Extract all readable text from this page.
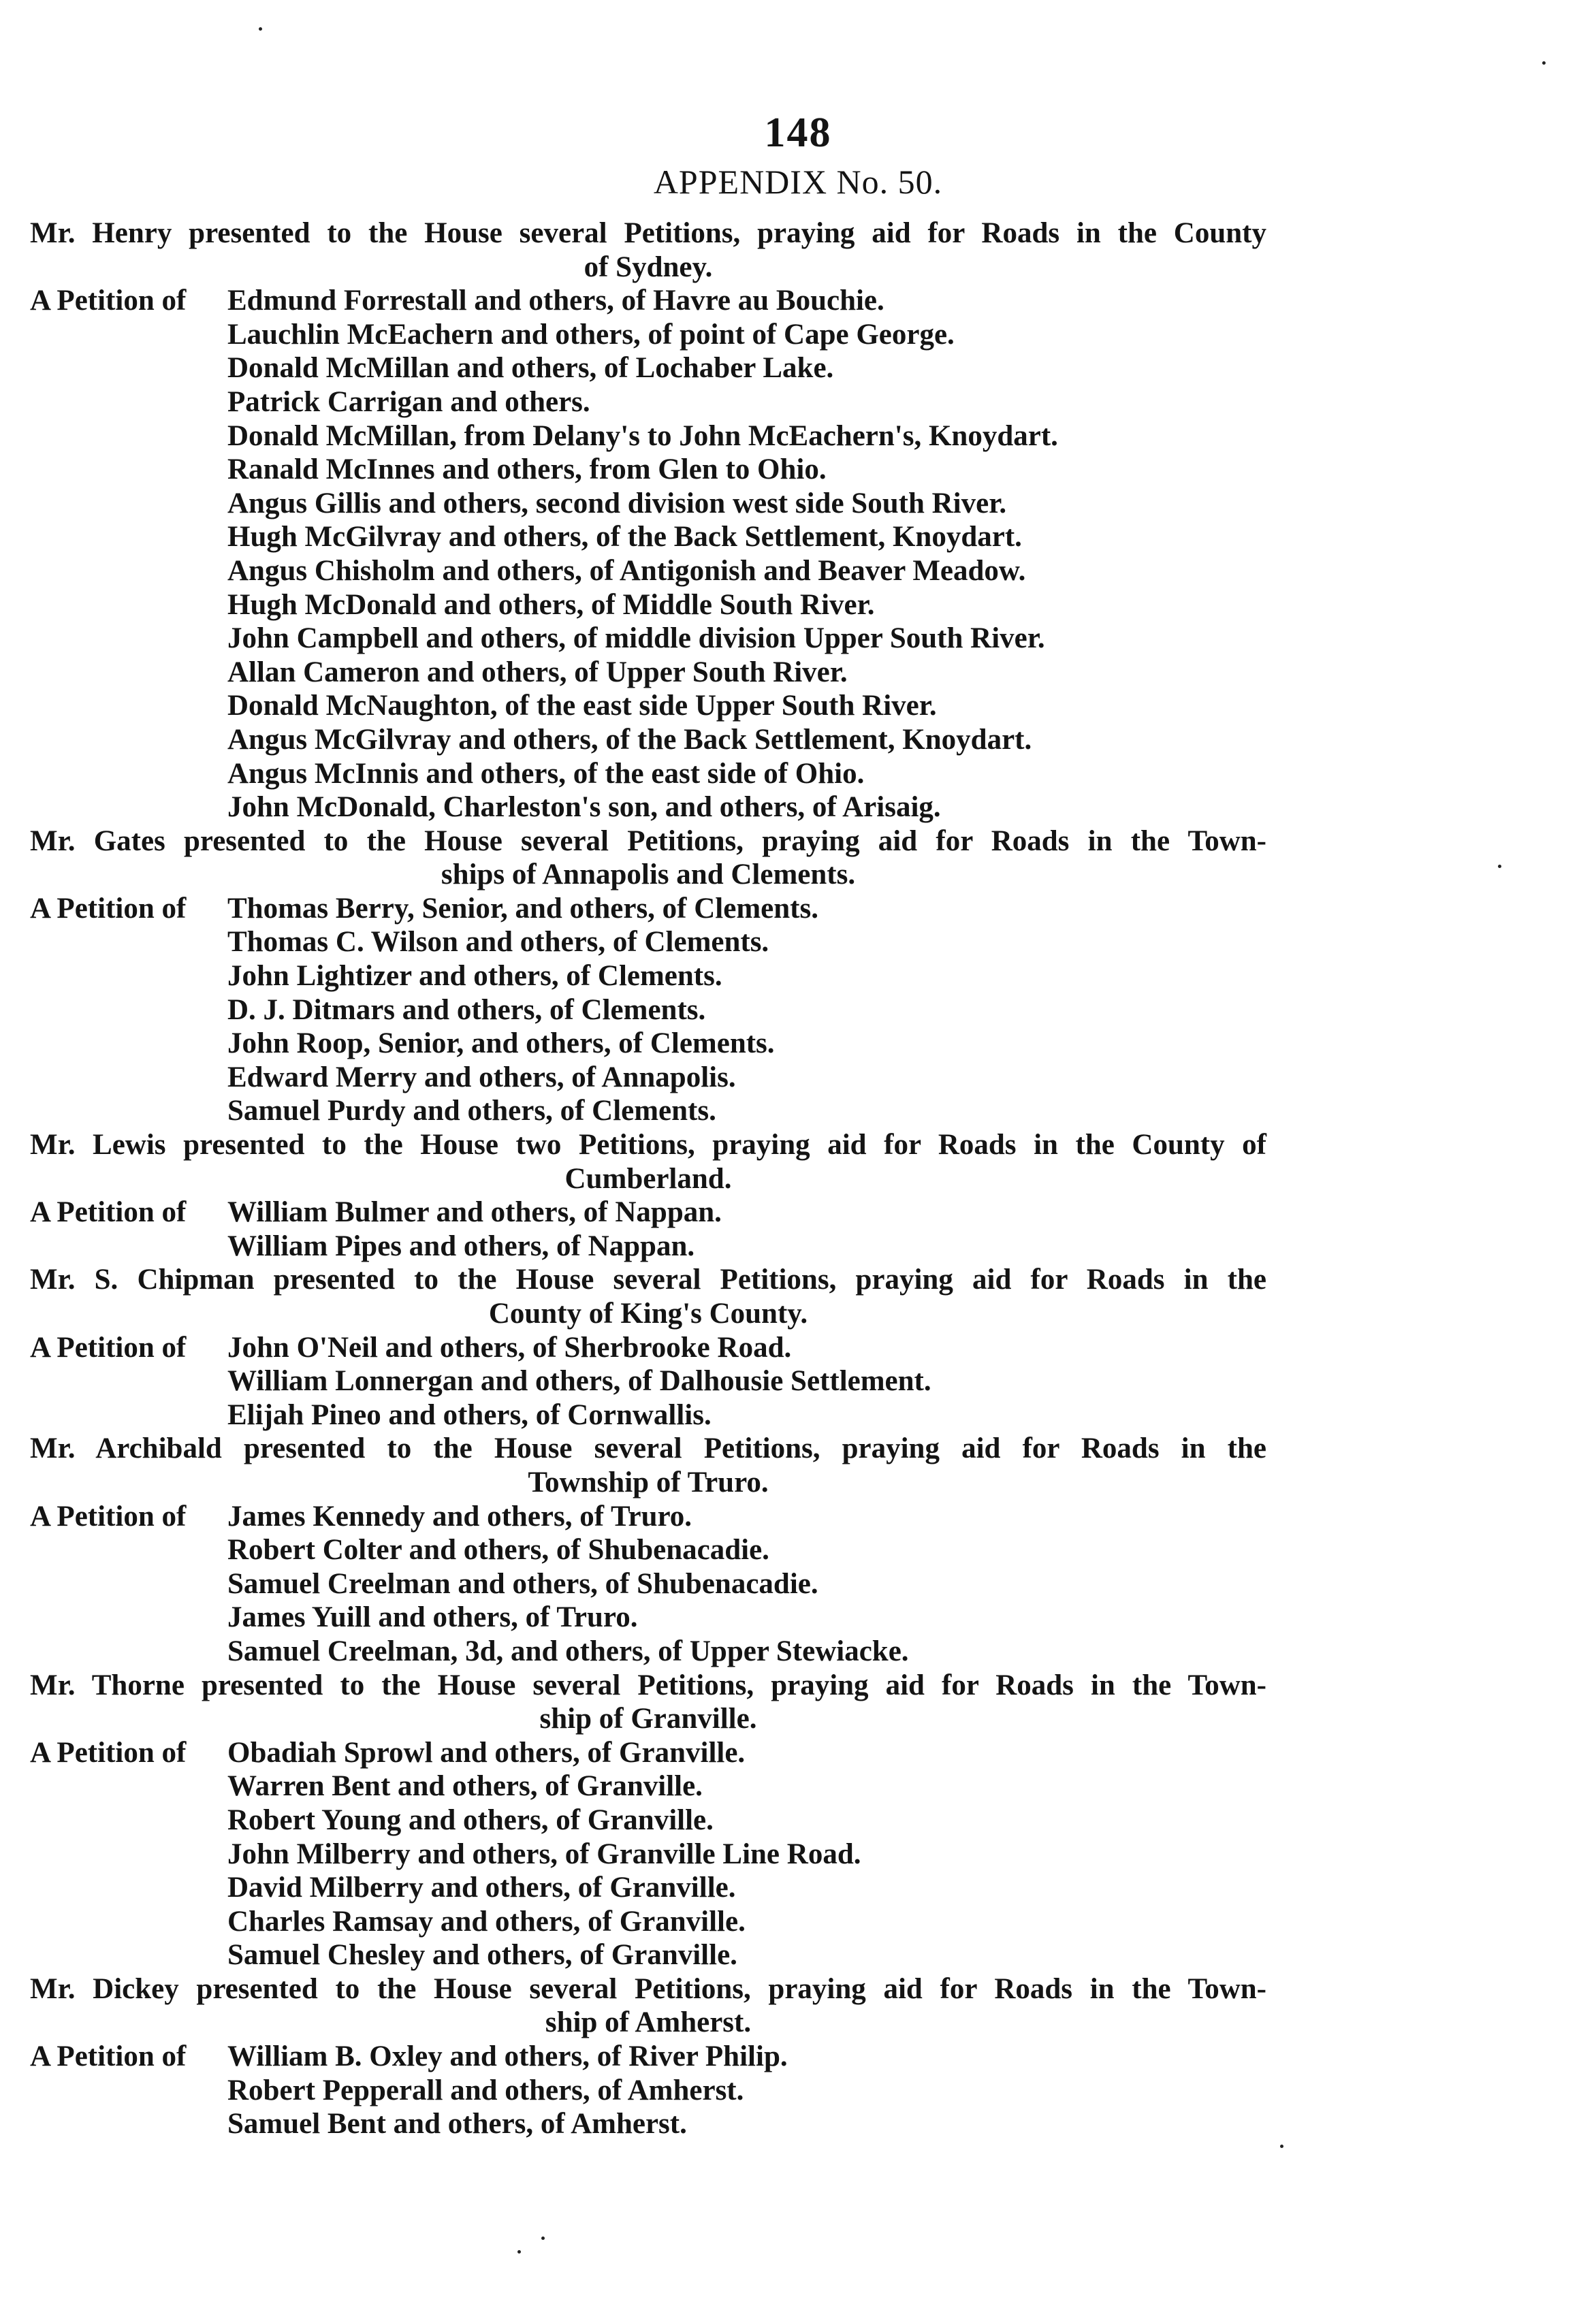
148
APPENDIX No. 50.
Mr. Henry presented to the House several Petitions, praying aid for Roads in the County
of Sydney.
A Petition of	Edmund Forrestall and others, of Havre au Bouchie.
Lauchlin McEachern and others, of point of Cape George.
Donald McMillan and others, of Lochaber Lake.
Patrick Carrigan and others.
Donald McMillan, from Delany's to John McEachern's, Knoydart.
Ranald McInnes and others, from Glen to Ohio.
Angus Gillis and others, second division west side South River.
Hugh McGilvray and others, of the Back Settlement, Knoydart.
Angus Chisholm and others, of Antigonish and Beaver Meadow.
Hugh McDonald and others, of Middle South River.
John Campbell and others, of middle division Upper South River.
Allan Cameron and others, of Upper South River.
Donald McNaughton, of the east side Upper South River.
Angus McGilvray and others, of the Back Settlement, Knoydart.
Angus McInnis and others, of the east side of Ohio.
John McDonald, Charleston's son, and others, of Arisaig.
Mr. Gates presented to the House several Petitions, praying aid for Roads in the Town-
ships of Annapolis and Clements.
A Petition of	Thomas Berry, Senior, and others, of Clements.
Thomas C. Wilson and others, of Clements.
John Lightizer and others, of Clements.
D. J. Ditmars and others, of Clements.
John Roop, Senior, and others, of Clements.
Edward Merry and others, of Annapolis.
Samuel Purdy and others, of Clements.
Mr. Lewis presented to the House two Petitions, praying aid for Roads in the County of
Cumberland.
A Petition of	William Bulmer and others, of Nappan.
William Pipes and others, of Nappan.
Mr. S. Chipman presented to the House several Petitions, praying aid for Roads in the
County of King's County.
A Petition of	John O'Neil and others, of Sherbrooke Road.
William Lonnergan and others, of Dalhousie Settlement.
Elijah Pineo and others, of Cornwallis.
Mr. Archibald presented to the House several Petitions, praying aid for Roads in the
Township of Truro.
A Petition of	James Kennedy and others, of Truro.
Robert Colter and others, of Shubenacadie.
Samuel Creelman and others, of Shubenacadie.
James Yuill and others, of Truro.
Samuel Creelman, 3d, and others, of Upper Stewiacke.
Mr. Thorne presented to the House several Petitions, praying aid for Roads in the Town-
ship of Granville.
A Petition of	Obadiah Sprowl and others, of Granville.
Warren Bent and others, of Granville.
Robert Young and others, of Granville.
John Milberry and others, of Granville Line Road.
David Milberry and others, of Granville.
Charles Ramsay and others, of Granville.
Samuel Chesley and others, of Granville.
Mr. Dickey presented to the House several Petitions, praying aid for Roads in the Town-
ship of Amherst.
A Petition of	William B. Oxley and others, of River Philip.
Robert Pepperall and others, of Amherst.
Samuel Bent and others, of Amherst.
